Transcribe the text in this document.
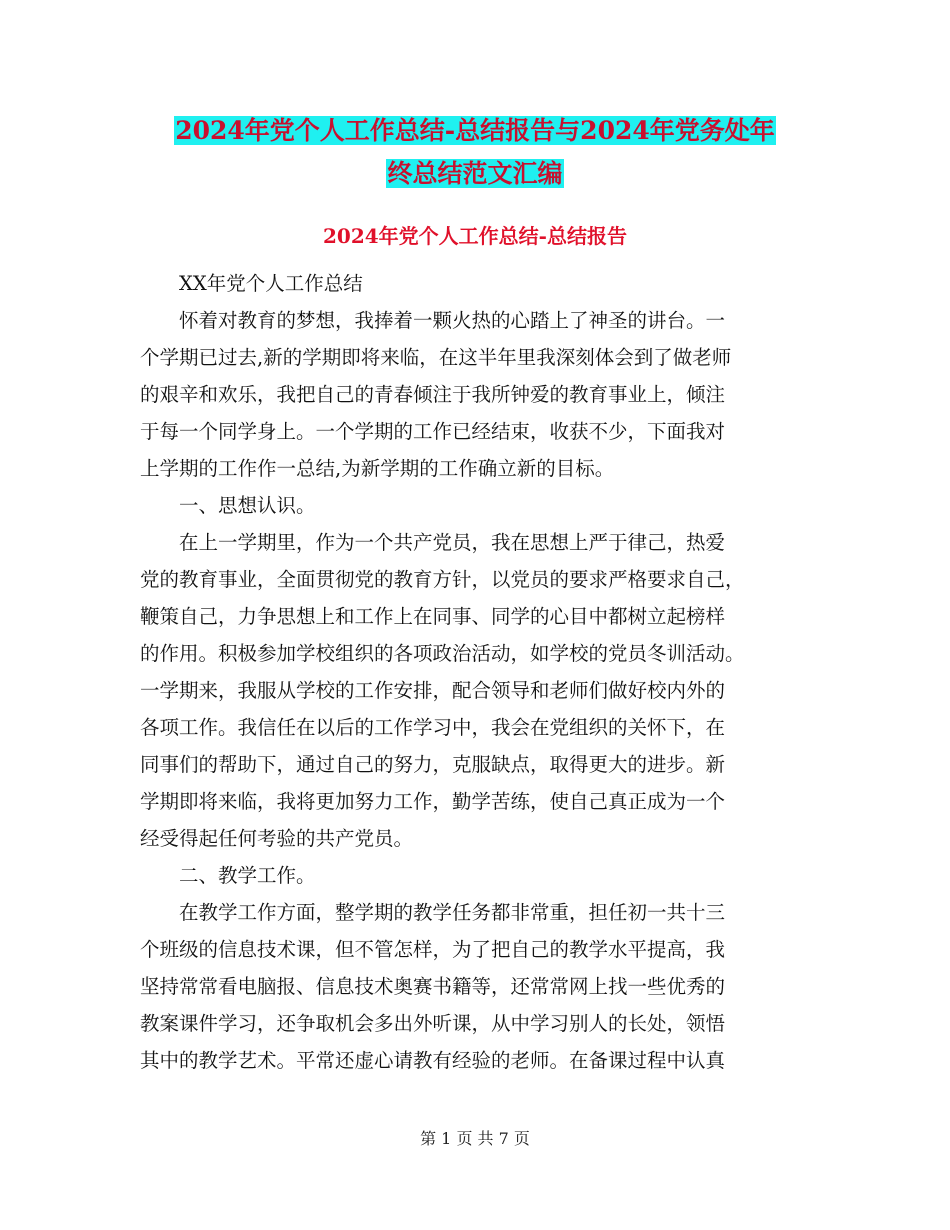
2024年党个人工作总结-总结报告与2024年党务处年
终总结范文汇编
2024年党个人工作总结-总结报告
　　XX年党个人工作总结
　　怀着对教育的梦想，我捧着一颗火热的心踏上了神圣的讲台。一
个学期已过去,新的学期即将来临，在这半年里我深刻体会到了做老师
的艰辛和欢乐，我把自己的青春倾注于我所钟爱的教育事业上，倾注
于每一个同学身上。一个学期的工作已经结束，收获不少，下面我对
上学期的工作作一总结,为新学期的工作确立新的目标。
　　一、思想认识。
　　在上一学期里，作为一个共产党员，我在思想上严于律己，热爱
党的教育事业，全面贯彻党的教育方针，以党员的要求严格要求自己，
鞭策自己，力争思想上和工作上在同事、同学的心目中都树立起榜样
的作用。积极参加学校组织的各项政治活动，如学校的党员冬训活动。
一学期来，我服从学校的工作安排，配合领导和老师们做好校内外的
各项工作。我信任在以后的工作学习中，我会在党组织的关怀下，在
同事们的帮助下，通过自己的努力，克服缺点，取得更大的进步。新
学期即将来临，我将更加努力工作，勤学苦练，使自己真正成为一个
经受得起任何考验的共产党员。
　　二、教学工作。
　　在教学工作方面，整学期的教学任务都非常重，担任初一共十三
个班级的信息技术课，但不管怎样，为了把自己的教学水平提高，我
坚持常常看电脑报、信息技术奥赛书籍等，还常常网上找一些优秀的
教案课件学习，还争取机会多出外听课，从中学习别人的长处，领悟
其中的教学艺术。平常还虚心请教有经验的老师。在备课过程中认真
第 1 页 共 7 页
